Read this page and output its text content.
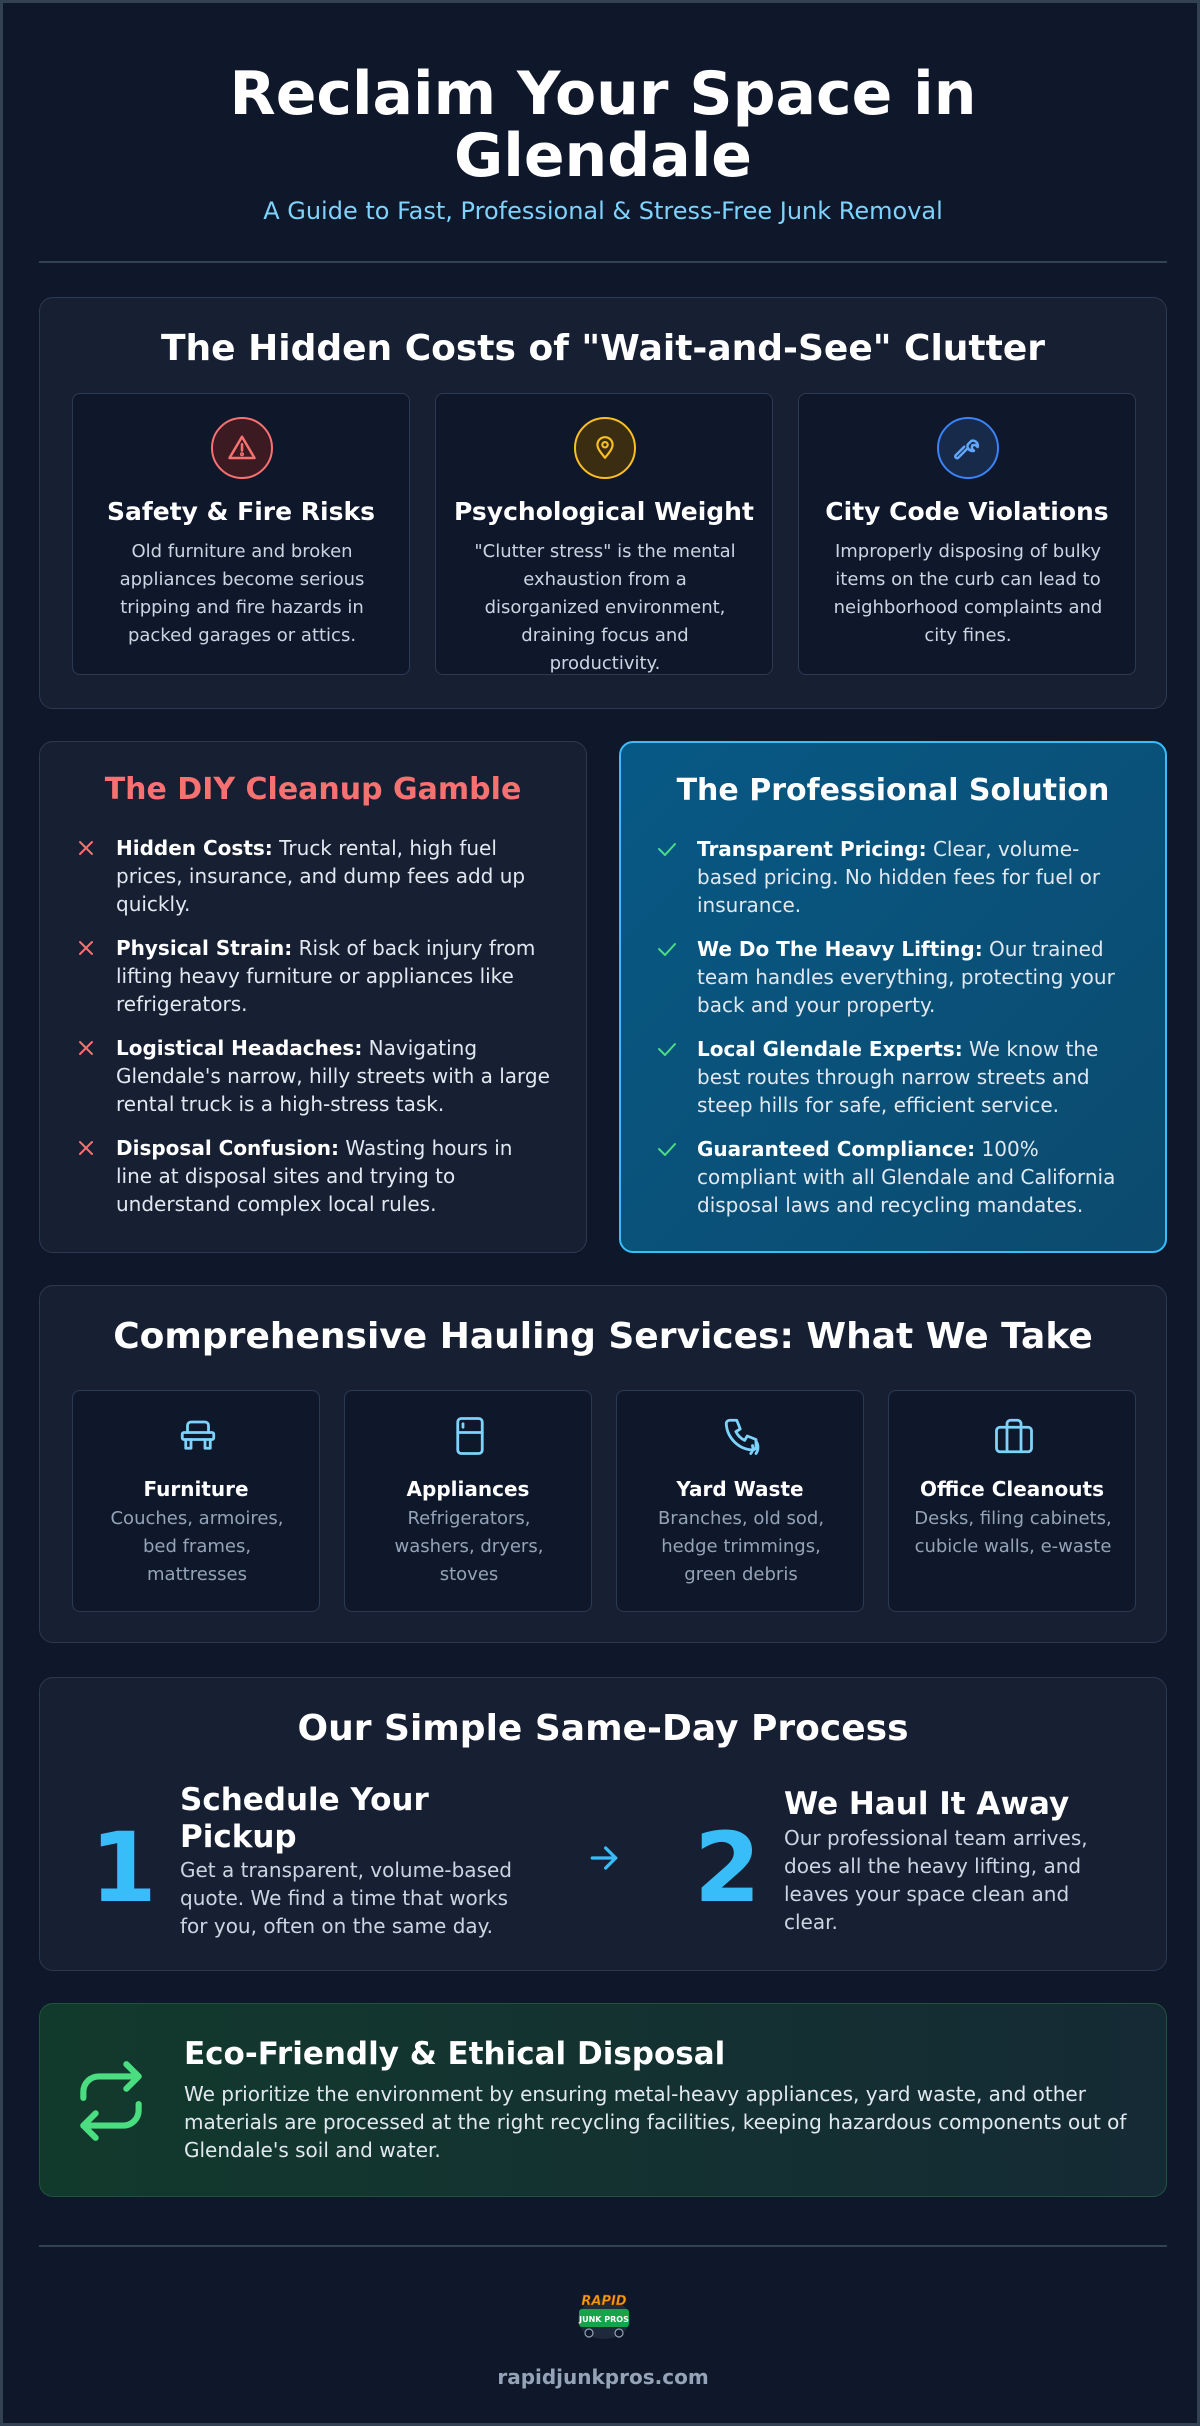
Reclaim Your Space in Glendale
A Guide to Fast, Professional & Stress-Free Junk Removal
The Hidden Costs of "Wait-and-See" Clutter
Safety & Fire Risks

Old furniture and broken appliances become serious tripping and fire hazards in packed garages or attics.

Psychological Weight

"Clutter stress" is the mental exhaustion from a disorganized environment, draining focus and productivity.

City Code Violations

Improperly disposing of bulky items on the curb can lead to neighborhood complaints and city fines.

The DIY Cleanup Gamble
Hidden Costs: Truck rental, high fuel prices, insurance, and dump fees add up quickly.
Physical Strain: Risk of back injury from lifting heavy furniture or appliances like refrigerators.
Logistical Headaches: Navigating Glendale's narrow, hilly streets with a large rental truck is a high-stress task.
Disposal Confusion: Wasting hours in line at disposal sites and trying to understand complex local rules.
The Professional Solution
Transparent Pricing: Clear, volume-based pricing. No hidden fees for fuel or insurance.
We Do The Heavy Lifting: Our trained team handles everything, protecting your back and your property.
Local Glendale Experts: We know the best routes through narrow streets and steep hills for safe, efficient service.
Guaranteed Compliance: 100% compliant with all Glendale and California disposal laws and recycling mandates.
Comprehensive Hauling Services: What We Take
Furniture

Couches, armoires, bed frames, mattresses

Appliances

Refrigerators, washers, dryers, stoves

Yard Waste

Branches, old sod, hedge trimmings, green debris

Office Cleanouts

Desks, filing cabinets, cubicle walls, e-waste

Our Simple Same-Day Process
1
Schedule Your Pickup
Get a transparent, volume-based quote. We find a time that works for you, often on the same day.
2
We Haul It Away
Our professional team arrives, does all the heavy lifting, and leaves your space clean and clear.
Eco-Friendly & Ethical Disposal

We prioritize the environment by ensuring metal-heavy appliances, yard waste, and other materials are processed at the right recycling facilities, keeping hazardous components out of Glendale's soil and water.

RAPID
JUNK PROS
rapidjunkpros.com
